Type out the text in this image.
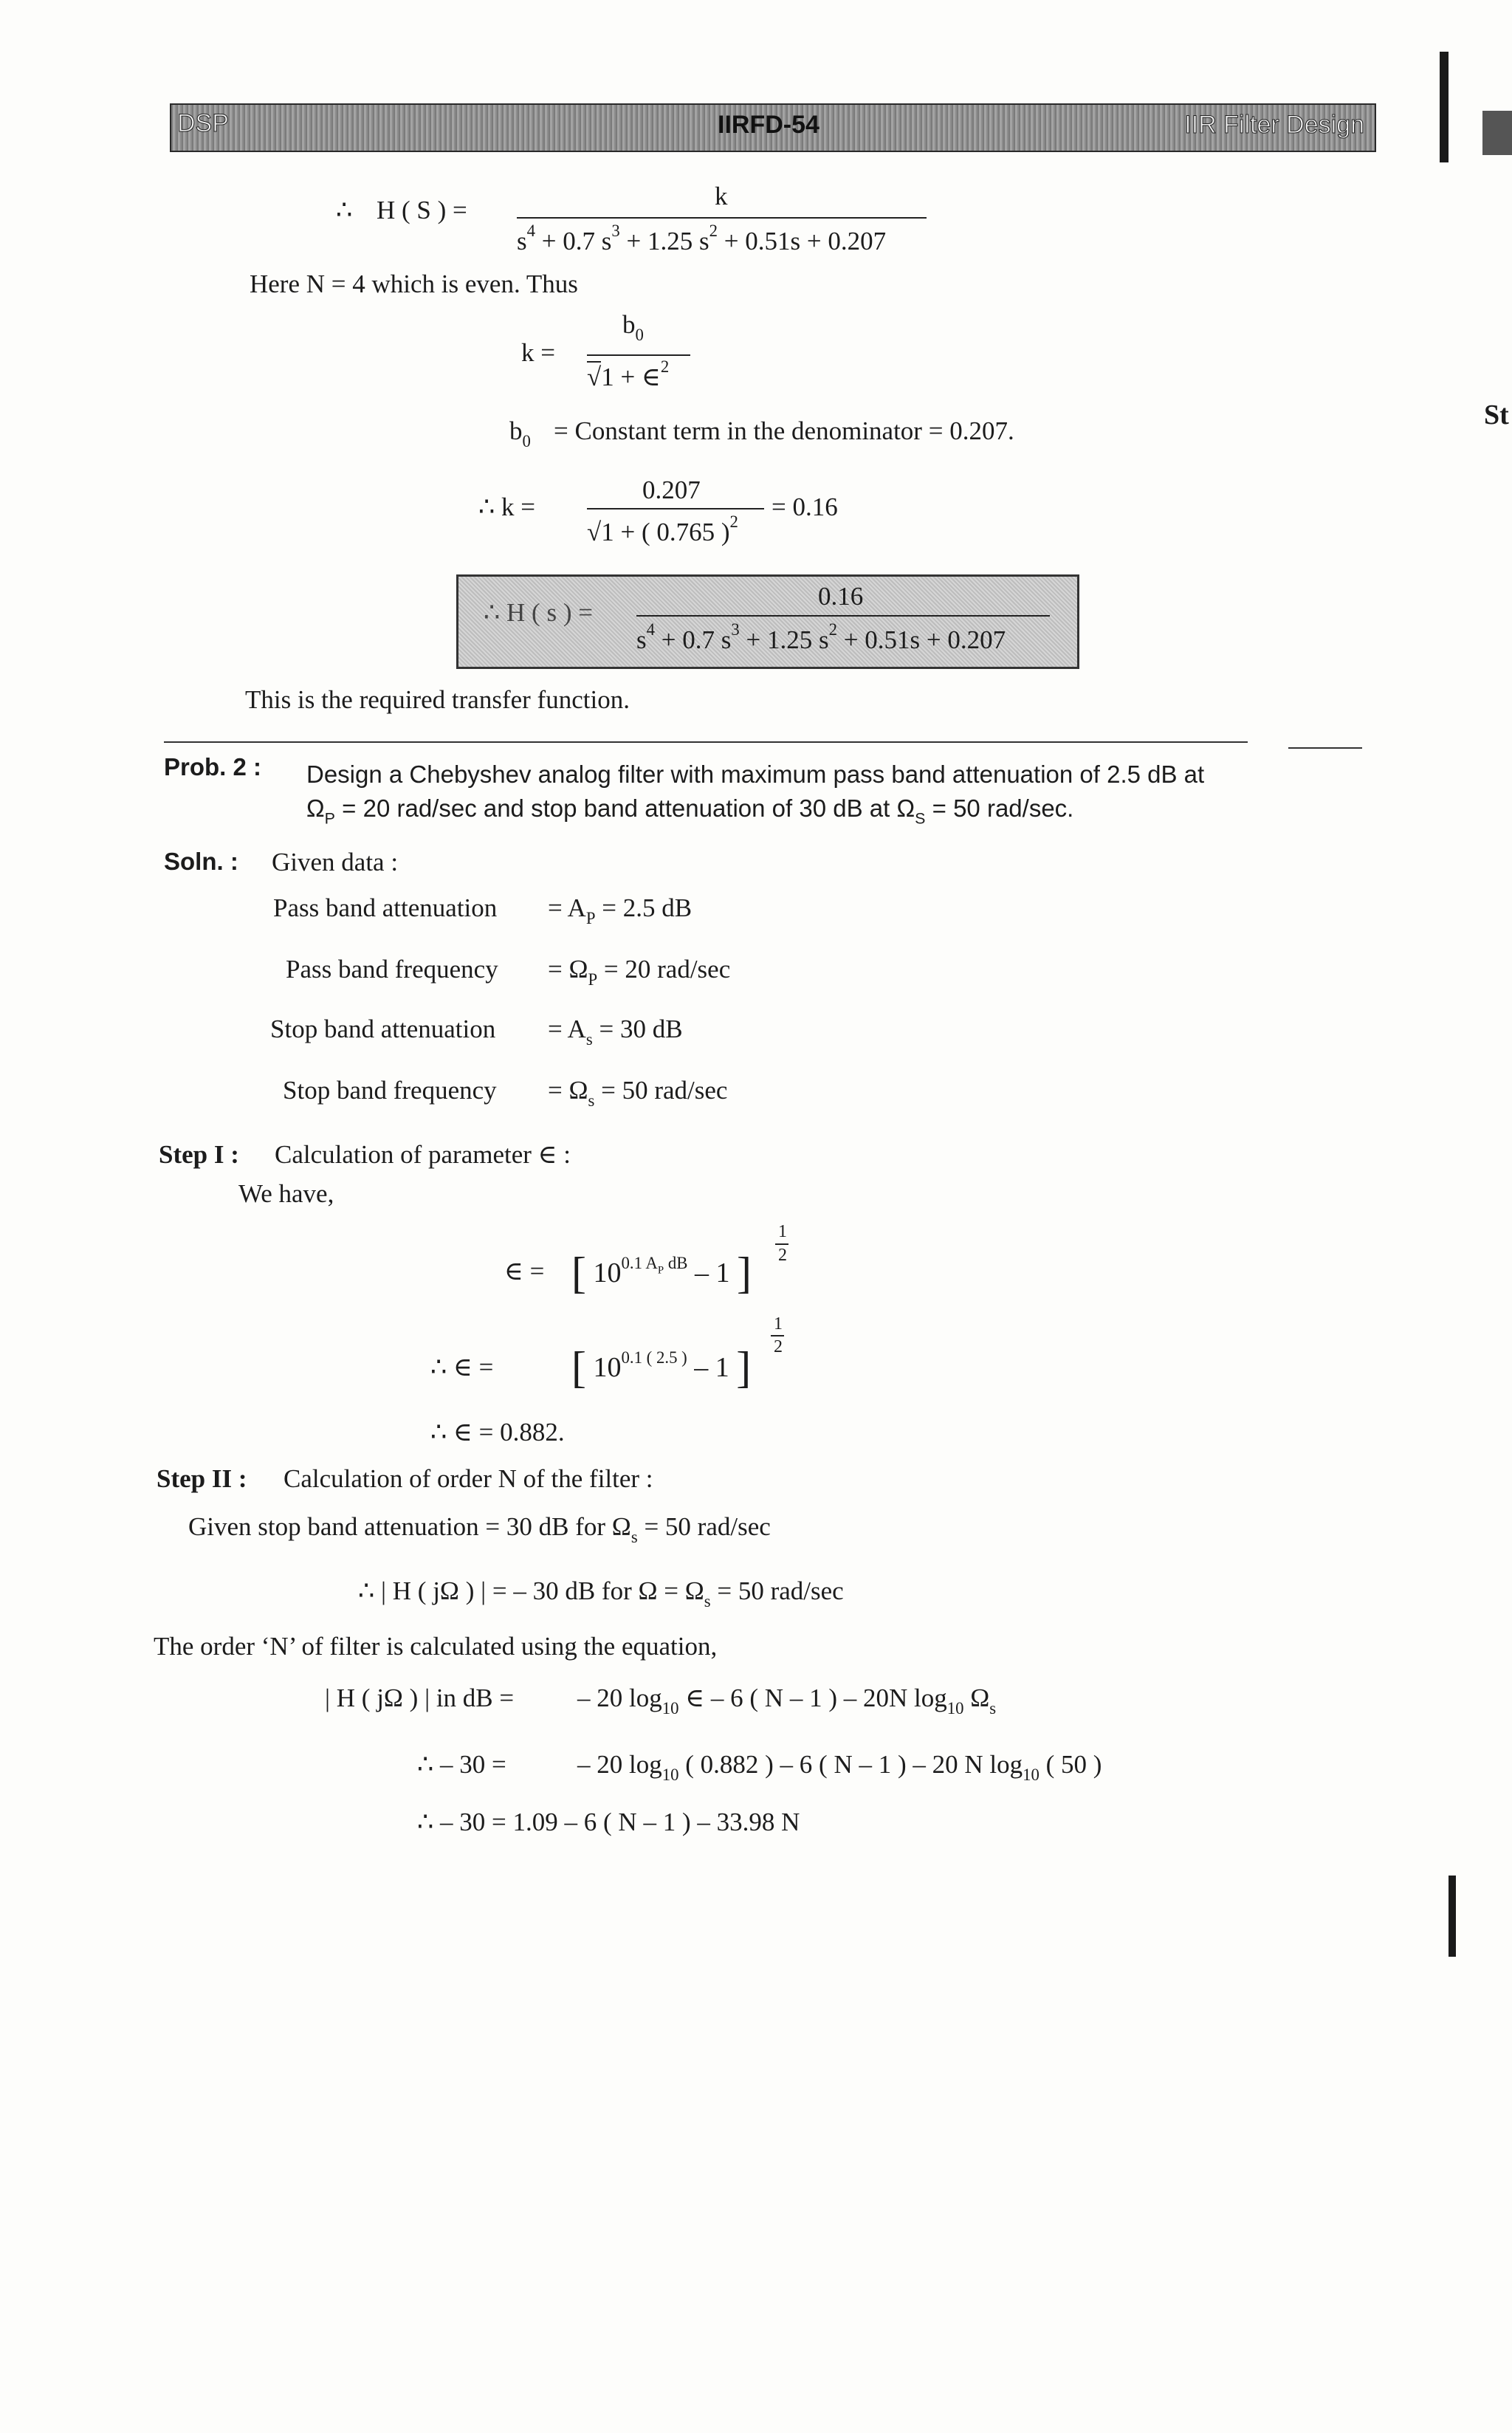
DSP	IIRFD-54	IIR Filter Design
St
∴ H ( S ) =	k
$s^4 + 0.7$ $s^3 + 1.25$ $s^2 + 0.51s + 0.207$
Here N = 4 which is even. Thus
k =
$b_0$
√1 + ∈$^2$
$b_0$ = Constant term in the denominator = 0.207.
∴ k =
0.207
√1 + ( 0.765 )$^2$
= 0.16
∴ H ( s ) =
0.16
$s^4 + 0.7$ $s^3 + 1.25$ $s^2 + 0.51s + 0.207$
This is the required transfer function.
Prob. 2 : Design a Chebyshev analog filter with maximum pass band attenuation of 2.5 dB at
$\Omega_P = 20$ rad/sec and stop band attenuation of 30 dB at $\Omega_S = 50$ rad/sec.
Soln. : Given data :
Pass band attenuation = $A_P = 2.5$ dB
Pass band frequency = $\Omega_P = 20$ rad/sec
Stop band attenuation = $A_s = 30$ dB
Stop band frequency = $\Omega_s = 50$ rad/sec
Step I : Calculation of parameter ∈ :
We have,
∈ = [ $10^{0.1 A_P dB} - 1$ ]
1
2
∴ ∈ = [ $10^{0.1 ( 2.5 )} - 1$ ]
1
2
∴ ∈ = 0.882.
Step II : Calculation of order N of the filter :
Given stop band attenuation = 30 dB for $\Omega_s = 50$ rad/sec
∴ | H ( jΩ ) | = – 30 dB for $\Omega = \Omega_s = 50$ rad/sec
The order ‘N’ of filter is calculated using the equation,
| H ( jΩ ) | in dB = – 20 $\log_{10}$ ∈ – 6 ( N – 1 ) – 20N $\log_{10} \Omega_s$
∴ – 30 =	– 20 $\log_{10}$ ( 0.882 ) – 6 ( N – 1 ) – 20 N $\log_{10}$ ( 50 )
∴ – 30 = 1.09 – 6 ( N – 1 ) – 33.98 N
